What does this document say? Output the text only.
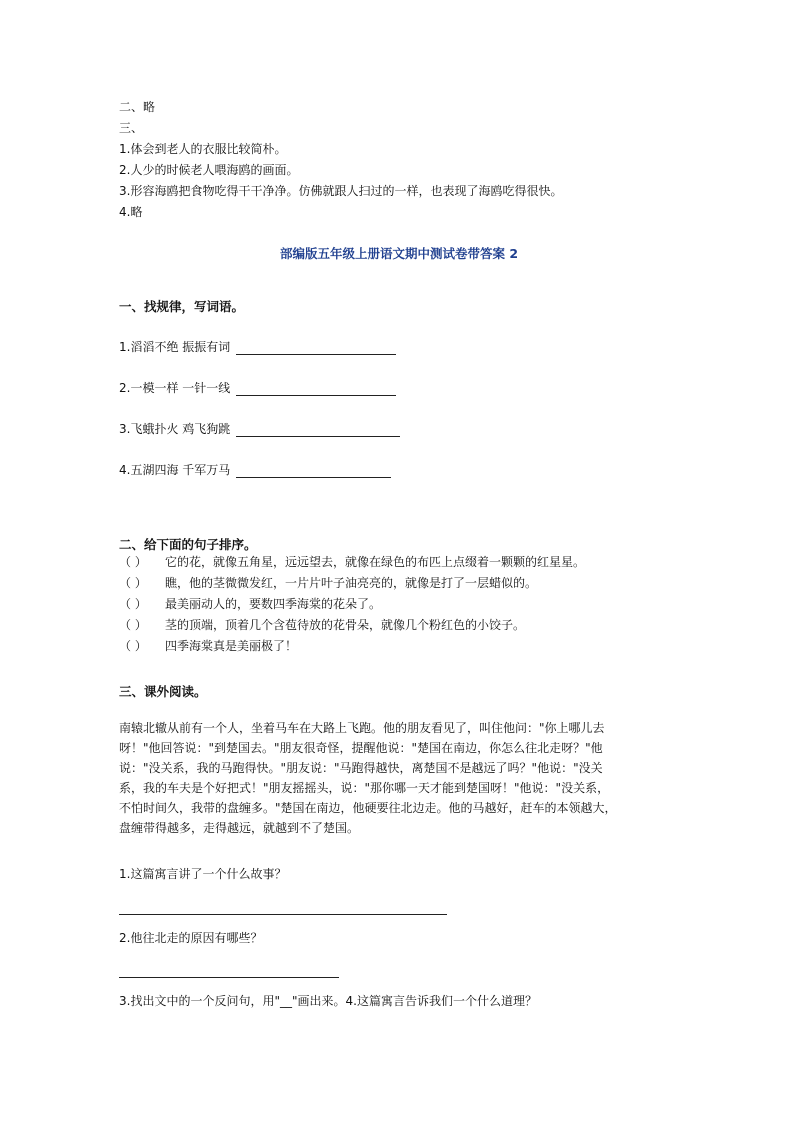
二、略
三、
1.体会到老人的衣服比较简朴。
2.人少的时候老人喂海鸥的画面。
3.形容海鸥把食物吃得干干净净。仿佛就跟人扫过的一样，也表现了海鸥吃得很快。
4.略
部编版五年级上册语文期中测试卷带答案 2
一、找规律，写词语。
1.滔滔不绝 振振有词
2.一模一样 一针一线
3.飞蛾扑火 鸡飞狗跳
4.五湖四海 千军万马
二、给下面的句子排序。
（ ） 它的花，就像五角星，远远望去，就像在绿色的布匹上点缀着一颗颗的红星星。
（ ） 瞧，他的茎微微发红，一片片叶子油亮亮的，就像是打了一层蜡似的。
（ ） 最美丽动人的，要数四季海棠的花朵了。
（ ） 茎的顶端，顶着几个含苞待放的花骨朵，就像几个粉红色的小饺子。
（ ） 四季海棠真是美丽极了！
三、课外阅读。
南辕北辙从前有一个人，坐着马车在大路上飞跑。他的朋友看见了，叫住他问："你上哪儿去呀！"他回答说："到楚国去。"朋友很奇怪，提醒他说："楚国在南边，你怎么往北走呀？"他说："没关系，我的马跑得快。"朋友说："马跑得越快，离楚国不是越远了吗？"他说："没关系，我的车夫是个好把式！"朋友摇摇头，说："那你哪一天才能到楚国呀！"他说："没关系，不怕时间久，我带的盘缠多。"楚国在南边，他硬要往北边走。他的马越好，赶车的本领越大，盘缠带得越多，走得越远，就越到不了楚国。
1.这篇寓言讲了一个什么故事？
2.他往北走的原因有哪些？
3.找出文中的一个反问句，用"__"画出来。4.这篇寓言告诉我们一个什么道理？
